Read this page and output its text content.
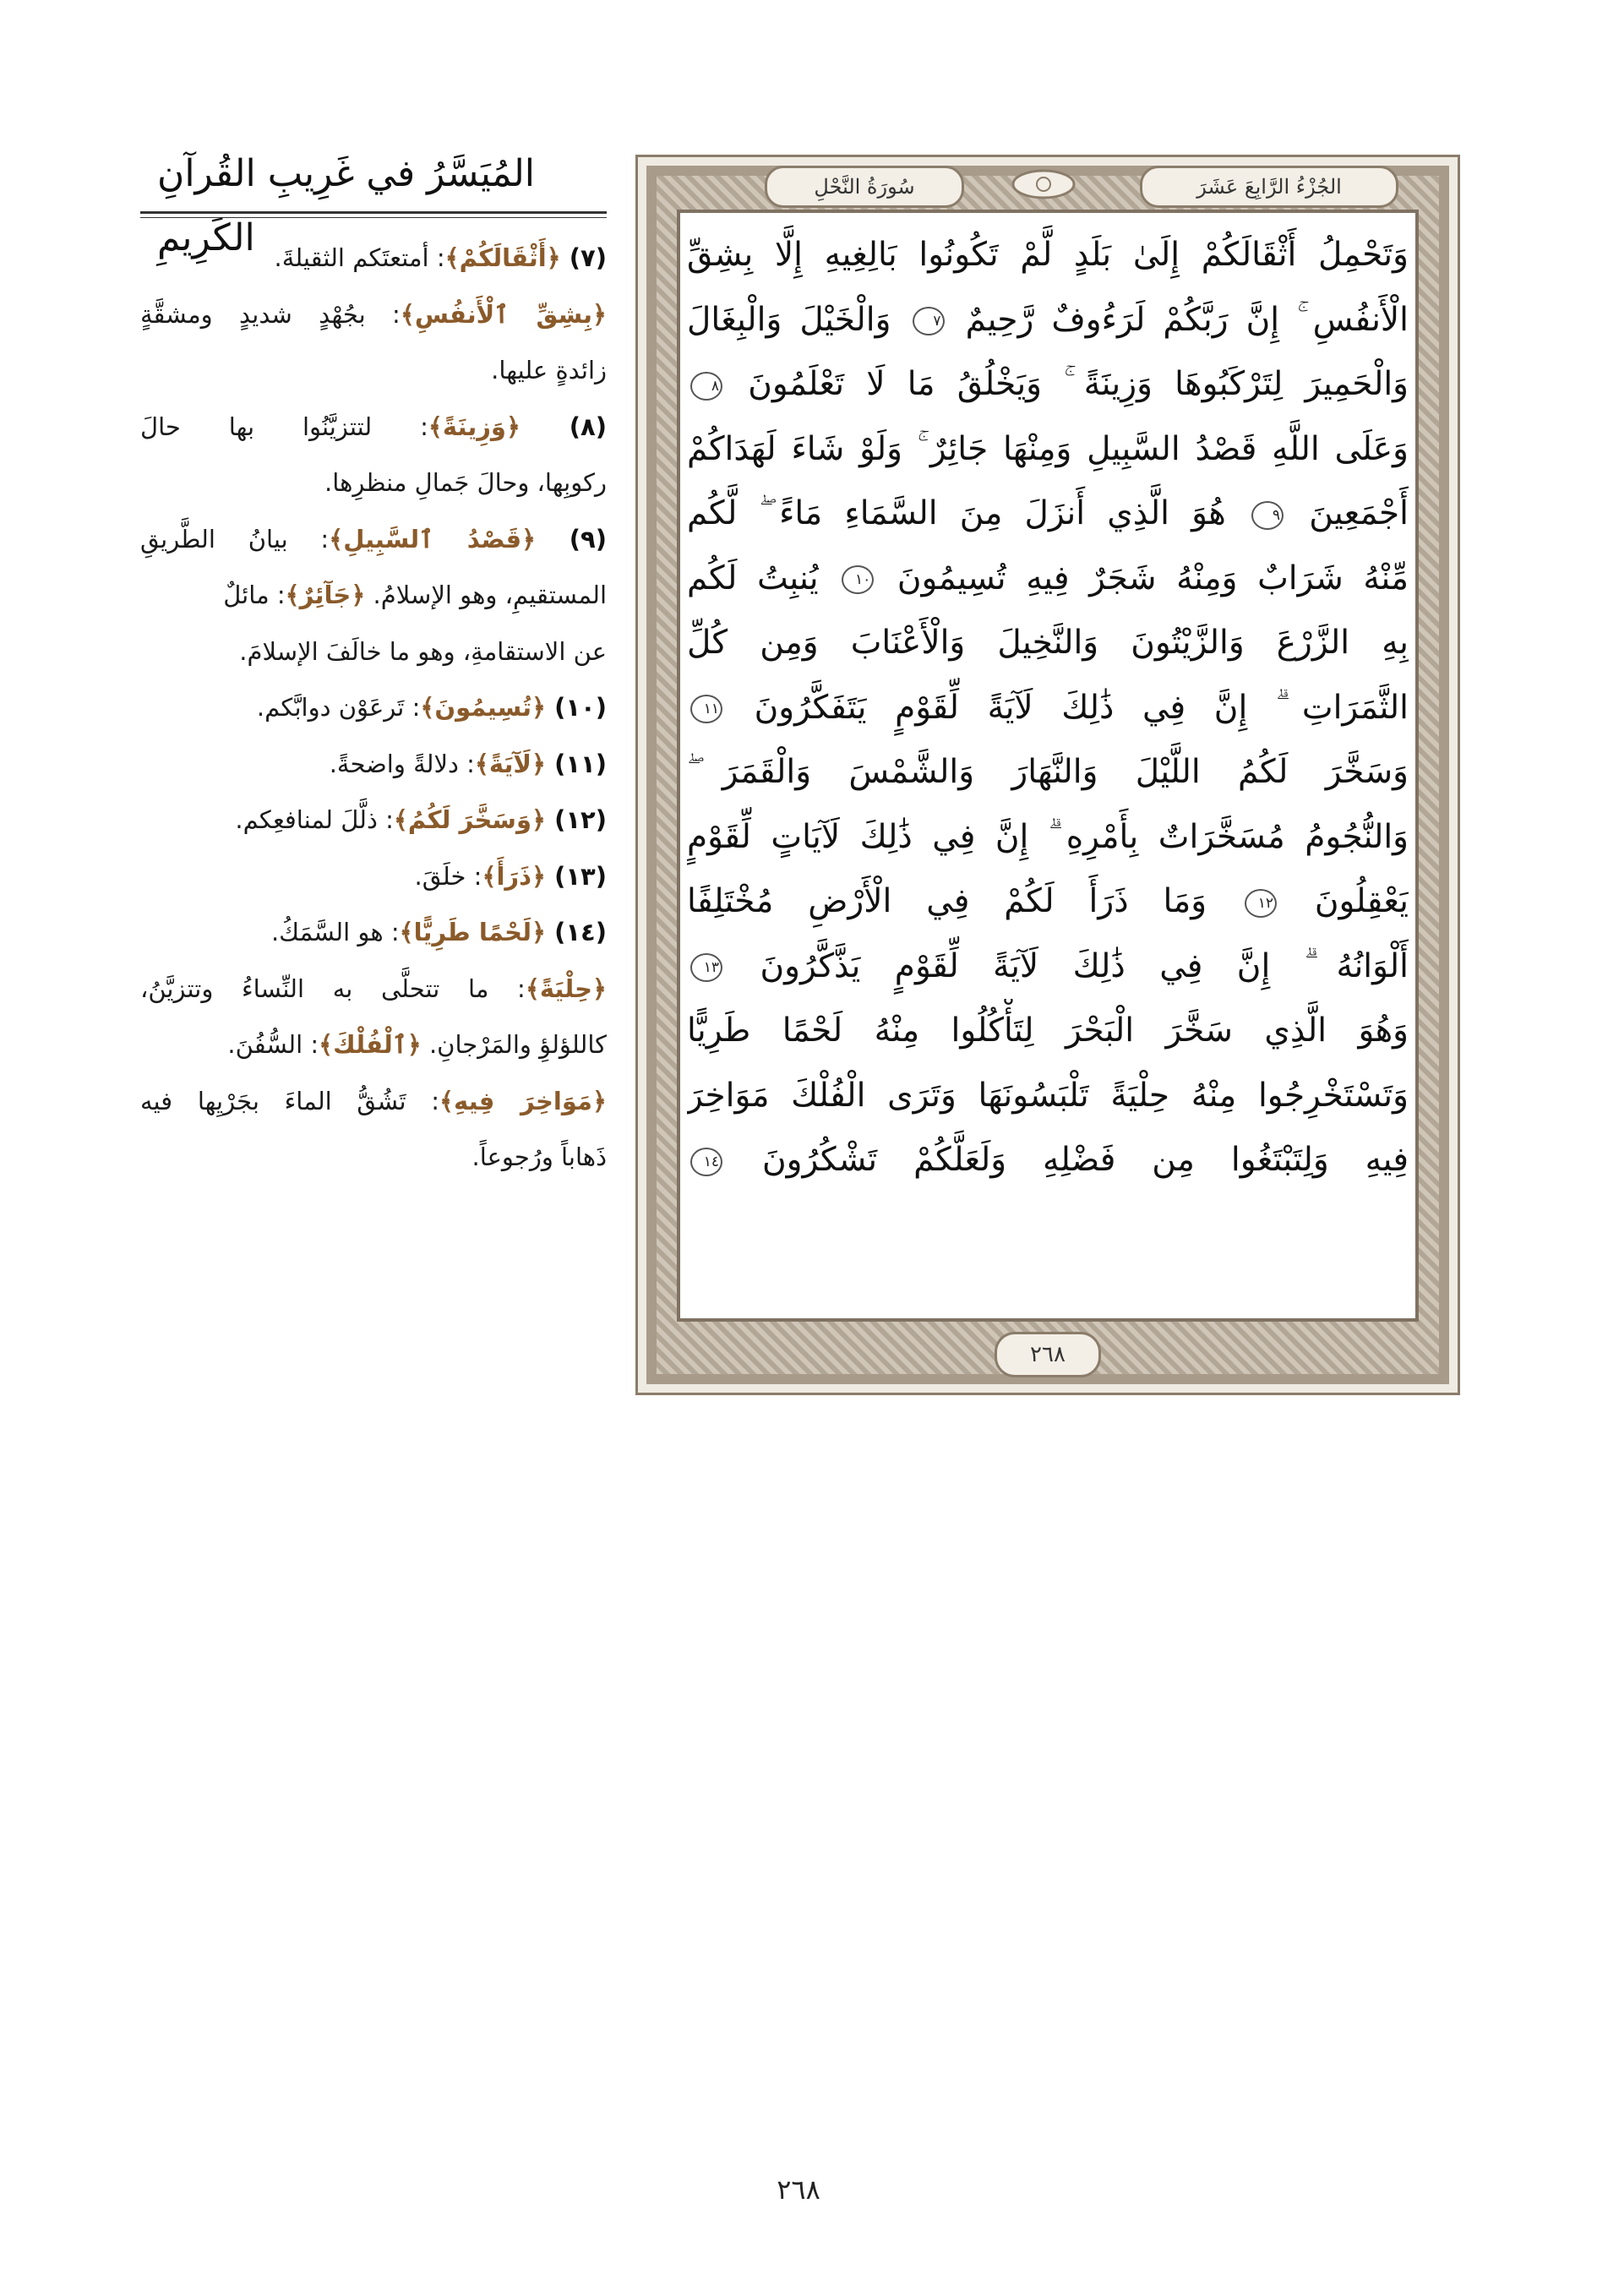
الجُزْءُ الرَّابِعَ عَشَرَ
سُورَةُ النَّحْلِ
وَتَحْمِلُ أَثْقَالَكُمْ إِلَىٰ بَلَدٍ لَّمْ تَكُونُوا بَالِغِيهِ إِلَّا بِشِقِّ
الْأَنفُسِ ۚ إِنَّ رَبَّكُمْ لَرَءُوفٌ رَّحِيمٌ ٧ وَالْخَيْلَ وَالْبِغَالَ
وَالْحَمِيرَ لِتَرْكَبُوهَا وَزِينَةً ۚ وَيَخْلُقُ مَا لَا تَعْلَمُونَ ٨
وَعَلَى اللَّهِ قَصْدُ السَّبِيلِ وَمِنْهَا جَائِرٌ ۚ وَلَوْ شَاءَ لَهَدَاكُمْ
أَجْمَعِينَ ٩ هُوَ الَّذِي أَنزَلَ مِنَ السَّمَاءِ مَاءً ۖ لَّكُم
مِّنْهُ شَرَابٌ وَمِنْهُ شَجَرٌ فِيهِ تُسِيمُونَ ١٠ يُنبِتُ لَكُم
بِهِ الزَّرْعَ وَالزَّيْتُونَ وَالنَّخِيلَ وَالْأَعْنَابَ وَمِن كُلِّ
الثَّمَرَاتِ ۗ إِنَّ فِي ذَٰلِكَ لَآيَةً لِّقَوْمٍ يَتَفَكَّرُونَ ١١
وَسَخَّرَ لَكُمُ اللَّيْلَ وَالنَّهَارَ وَالشَّمْسَ وَالْقَمَرَ ۖ
وَالنُّجُومُ مُسَخَّرَاتٌ بِأَمْرِهِ ۗ إِنَّ فِي ذَٰلِكَ لَآيَاتٍ لِّقَوْمٍ
يَعْقِلُونَ ١٢ وَمَا ذَرَأَ لَكُمْ فِي الْأَرْضِ مُخْتَلِفًا
أَلْوَانُهُ ۗ إِنَّ فِي ذَٰلِكَ لَآيَةً لِّقَوْمٍ يَذَّكَّرُونَ ١٣
وَهُوَ الَّذِي سَخَّرَ الْبَحْرَ لِتَأْكُلُوا مِنْهُ لَحْمًا طَرِيًّا
وَتَسْتَخْرِجُوا مِنْهُ حِلْيَةً تَلْبَسُونَهَا وَتَرَى الْفُلْكَ مَوَاخِرَ
فِيهِ وَلِتَبْتَغُوا مِن فَضْلِهِ وَلَعَلَّكُمْ تَشْكُرُونَ ١٤
٢٦٨
المُيَسَّرُ في غَرِيبِ القُرآنِ الكَرِيمِ	(٧) ﴿أَثْقَالَكُمْ﴾: أمتعتَكم الثقيلةَ.
﴿بِشِقِّ ٱلْأَنفُسِ﴾: بجُهْدٍ شديدٍ ومشقَّةٍ
زائدةٍ عليها.
(٨) ﴿وَزِينَةً﴾: لتتزيَّنُوا بها حالَ
ركوبِها، وحالَ جَمالِ منظرِها.
(٩) ﴿قَصْدُ ٱلسَّبِيلِ﴾: بيانُ الطَّريقِ
المستقيمِ، وهو الإسلامُ. ﴿جَآئِرٌ﴾: مائلٌ
عن الاستقامةِ، وهو ما خالَفَ الإسلامَ.
(١٠) ﴿تُسِيمُونَ﴾: تَرعَوْن دوابَّكم.
(١١) ﴿لَآيَةً﴾: دلالةً واضحةً.
(١٢) ﴿وَسَخَّرَ لَكُمُ﴾: ذلَّلَ لمنافعِكم.
(١٣) ﴿ذَرَأَ﴾: خلَقَ.
(١٤) ﴿لَحْمًا طَرِيًّا﴾: هو السَّمَكُ.
﴿حِلْيَةً﴾: ما تتحلَّى به النِّساءُ وتتزيَّنُ،
كاللؤلؤِ والمَرْجانِ. ﴿ٱلْفُلْكَ﴾: السُّفُنَ.
﴿مَوَاخِرَ فِيهِ﴾: تَشُقُّ الماءَ بجَرْيِها فيه
ذَهاباً ورُجوعاً.
٢٦٨
